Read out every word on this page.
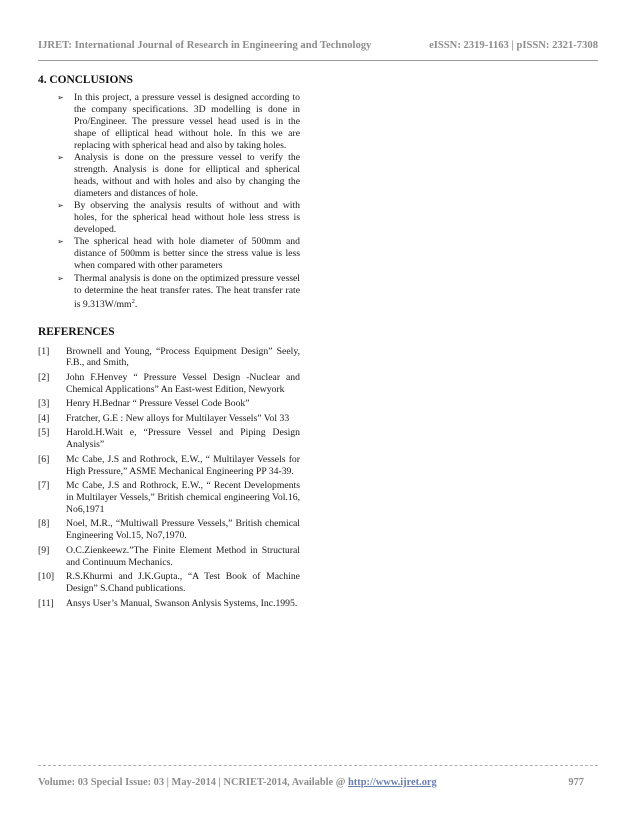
IJRET: International Journal of Research in Engineering and Technology	eISSN: 2319-1163 | pISSN: 2321-7308
4. CONCLUSIONS
➢ In this project, a pressure vessel is designed according to the company specifications. 3D modelling is done in Pro/Engineer. The pressure vessel head used is in the shape of elliptical head without hole. In this we are replacing with spherical head and also by taking holes.
➢ Analysis is done on the pressure vessel to verify the strength. Analysis is done for elliptical and spherical heads, without and with holes and also by changing the diameters and distances of hole.
➢ By observing the analysis results of without and with holes, for the spherical head without hole less stress is developed.
➢ The spherical head with hole diameter of 500mm and distance of 500mm is better since the stress value is less when compared with other parameters
➢ Thermal analysis is done on the optimized pressure vessel to determine the heat transfer rates. The heat transfer rate is $9.313W/mm^2$.
REFERENCES
[1] Brownell and Young, “Process Equipment Design” Seely, F.B., and Smith,
[2] John F.Henvey “ Pressure Vessel Design -Nuclear and Chemical Applications” An East-west Edition, Newyork
[3] Henry H.Bednar “ Pressure Vessel Code Book”
[4] Fratcher, G.E : New alloys for Multilayer Vessels” Vol 33
[5] Harold.H.Wait e, “Pressure Vessel and Piping Design Analysis”
[6] Mc Cabe, J.S and Rothrock, E.W., “ Multilayer Vessels for High Pressure,” ASME Mechanical Engineering PP 34-39.
[7] Mc Cabe, J.S and Rothrock, E.W., “ Recent Developments in Multilayer Vessels,” British chemical engineering Vol.16, No6,1971
[8] Noel, M.R., “Multiwall Pressure Vessels,” British chemical Engineering Vol.15, No7,1970.
[9] O.C.Zienkeewz.”The Finite Element Method in Structural and Continuum Mechanics.
[10] R.S.Khurmi and J.K.Gupta., “A Test Book of Machine Design” S.Chand publications.
[11] Ansys User’s Manual, Swanson Anlysis Systems, Inc.1995.
Volume: 03 Special Issue: 03 | May-2014 | NCRIET-2014, Available @ http://www.ijret.org	977
